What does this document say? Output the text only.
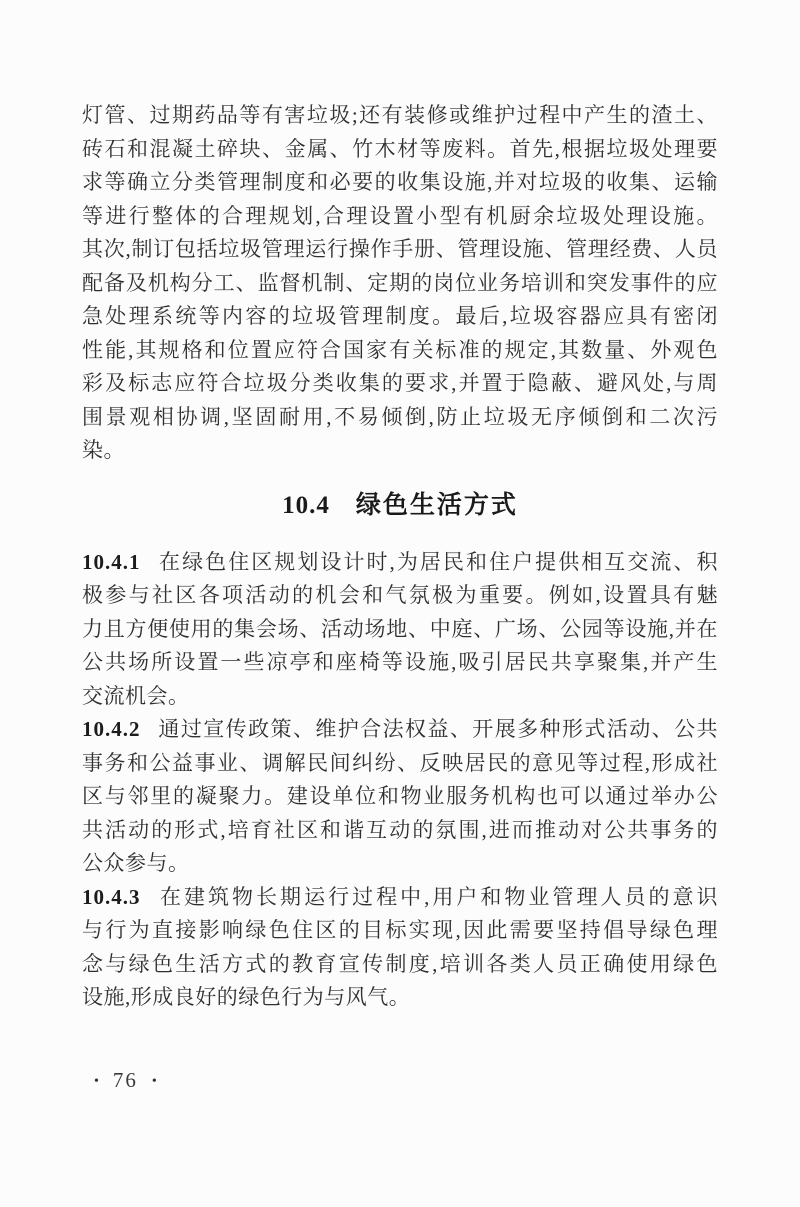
灯管、过期药品等有害垃圾;还有装修或维护过程中产生的渣土、
砖石和混凝土碎块、金属、竹木材等废料。首先,根据垃圾处理要
求等确立分类管理制度和必要的收集设施,并对垃圾的收集、运输
等进行整体的合理规划,合理设置小型有机厨余垃圾处理设施。
其次,制订包括垃圾管理运行操作手册、管理设施、管理经费、人员
配备及机构分工、监督机制、定期的岗位业务培训和突发事件的应
急处理系统等内容的垃圾管理制度。最后,垃圾容器应具有密闭
性能,其规格和位置应符合国家有关标准的规定,其数量、外观色
彩及标志应符合垃圾分类收集的要求,并置于隐蔽、避风处,与周
围景观相协调,坚固耐用,不易倾倒,防止垃圾无序倾倒和二次污
染。
10.4 绿色生活方式
10.4.1 在绿色住区规划设计时,为居民和住户提供相互交流、积
极参与社区各项活动的机会和气氛极为重要。例如,设置具有魅
力且方便使用的集会场、活动场地、中庭、广场、公园等设施,并在
公共场所设置一些凉亭和座椅等设施,吸引居民共享聚集,并产生
交流机会。
10.4.2 通过宣传政策、维护合法权益、开展多种形式活动、公共
事务和公益事业、调解民间纠纷、反映居民的意见等过程,形成社
区与邻里的凝聚力。建设单位和物业服务机构也可以通过举办公
共活动的形式,培育社区和谐互动的氛围,进而推动对公共事务的
公众参与。
10.4.3 在建筑物长期运行过程中,用户和物业管理人员的意识
与行为直接影响绿色住区的目标实现,因此需要坚持倡导绿色理
念与绿色生活方式的教育宣传制度,培训各类人员正确使用绿色
设施,形成良好的绿色行为与风气。
• 76 •
